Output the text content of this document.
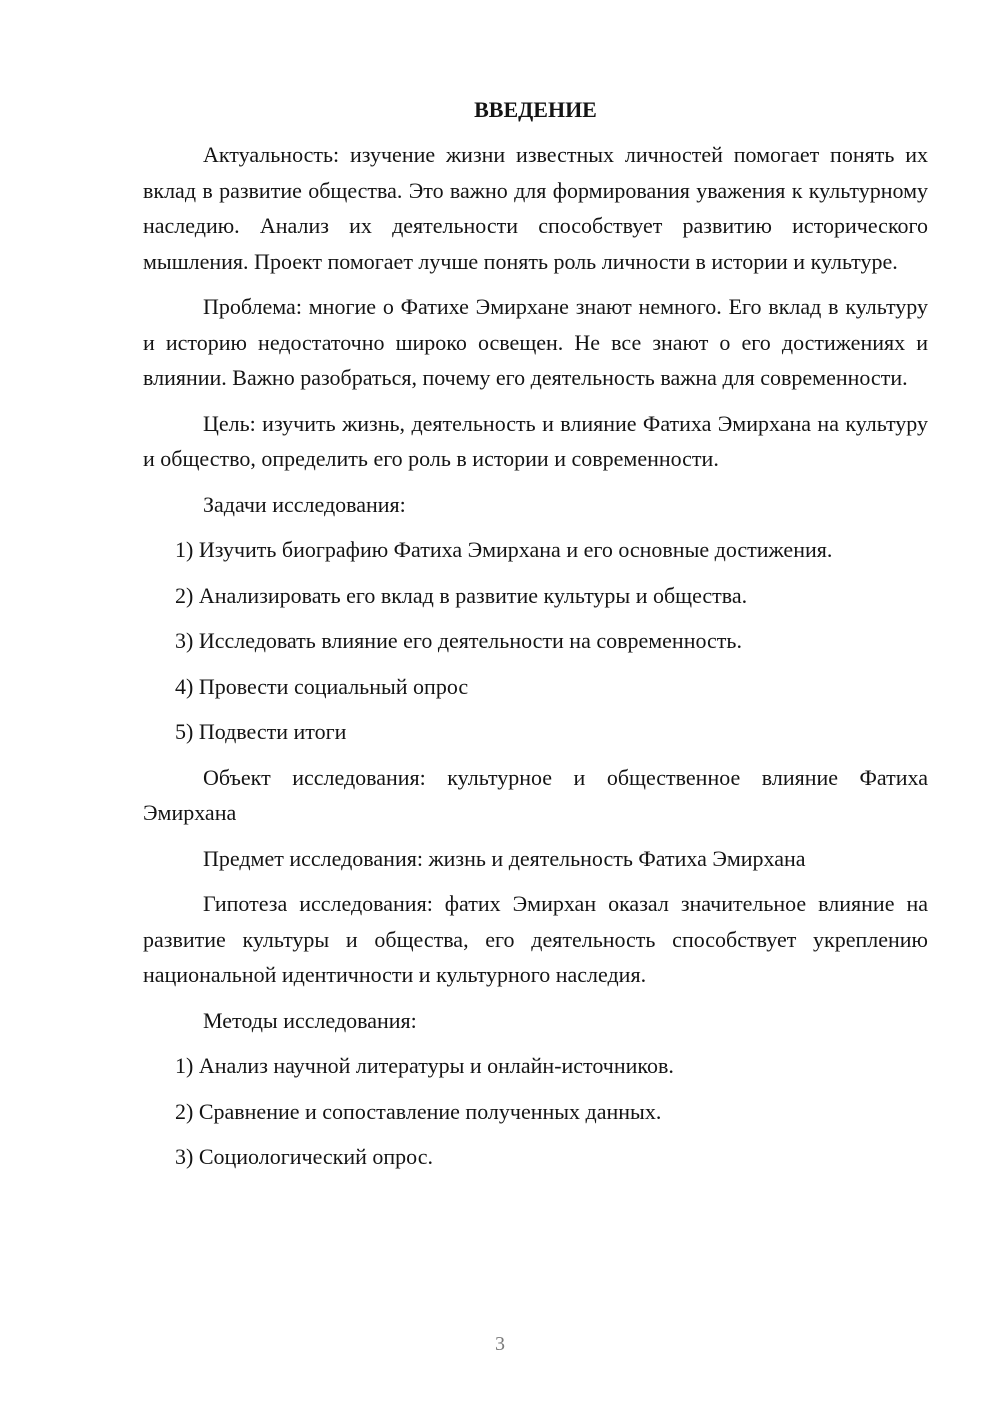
ВВЕДЕНИЕ

Актуальность: изучение жизни известных личностей помогает понять их вклад в развитие общества. Это важно для формирования уважения к культурному наследию. Анализ их деятельности способствует развитию исторического мышления. Проект помогает лучше понять роль личности в истории и культуре.

Проблема: многие о Фатихе Эмирхане знают немного. Его вклад в культуру и историю недостаточно широко освещен. Не все знают о его достижениях и влиянии. Важно разобраться, почему его деятельность важна для современности.

Цель: изучить жизнь, деятельность и влияние Фатиха Эмирхана на культуру и общество, определить его роль в истории и современности.

Задачи исследования:

1) Изучить биографию Фатиха Эмирхана и его основные достижения.
2) Анализировать его вклад в развитие культуры и общества.
3) Исследовать влияние его деятельности на современность.
4) Провести социальный опрос
5) Подвести итоги

Объект исследования: культурное и общественное влияние Фатиха Эмирхана

Предмет исследования: жизнь и деятельность Фатиха Эмирхана

Гипотеза исследования: фатих Эмирхан оказал значительное влияние на развитие культуры и общества, его деятельность способствует укреплению национальной идентичности и культурного наследия.

Методы исследования:

1) Анализ научной литературы и онлайн-источников.
2) Сравнение и сопоставление полученных данных.
3) Социологический опрос.
3
